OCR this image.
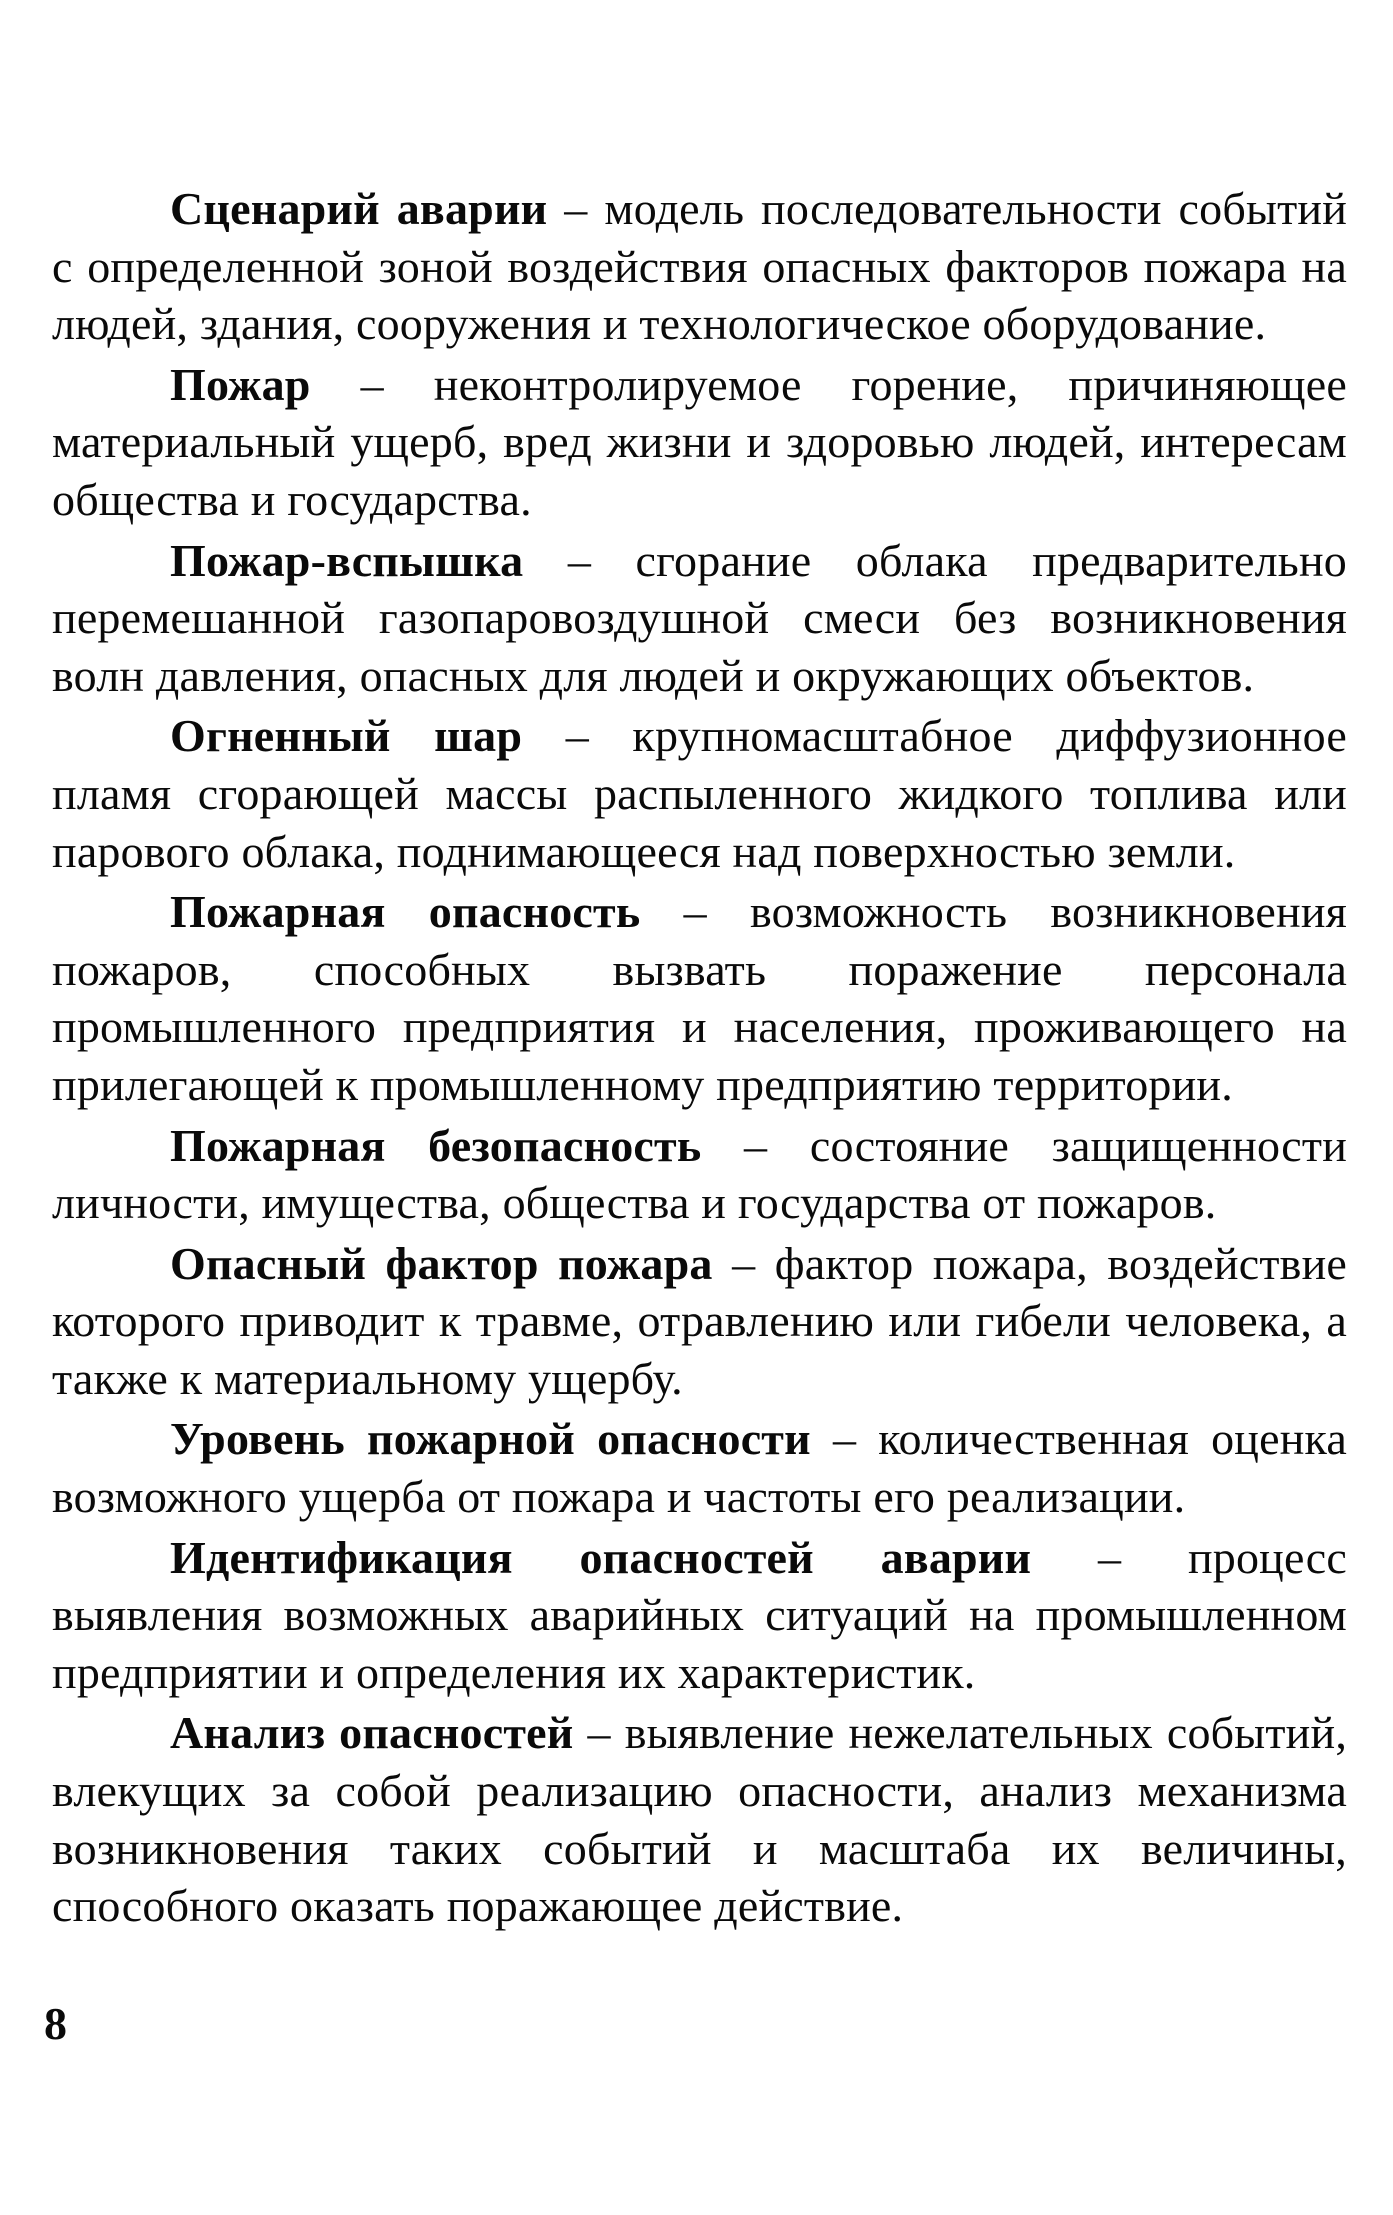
Сценарий аварии – модель последовательности событий с определенной зоной воздействия опасных факторов пожара на людей, здания, сооружения и технологическое оборудование.

Пожар – неконтролируемое горение, причиняющее материальный ущерб, вред жизни и здоровью людей, интересам общества и государства.

Пожар-вспышка – сгорание облака предварительно перемешанной газопаровоздушной смеси без возникновения волн давления, опасных для людей и окружающих объектов.

Огненный шар – крупномасштабное диффузионное пламя сгорающей массы распыленного жидкого топлива или парового облака, поднимающееся над поверхностью земли.

Пожарная опасность – возможность возникновения пожаров, способных вызвать поражение персонала промышленного предприятия и населения, проживающего на прилегающей к промышленному предприятию территории.

Пожарная безопасность – состояние защищенности личности, имущества, общества и государства от пожаров.

Опасный фактор пожара – фактор пожара, воздействие которого приводит к травме, отравлению или гибели человека, а также к материальному ущербу.

Уровень пожарной опасности – количественная оценка возможного ущерба от пожара и частоты его реализации.

Идентификация опасностей аварии – процесс выявления возможных аварийных ситуаций на промышленном предприятии и определения их характеристик.

Анализ опасностей – выявление нежелательных событий, влекущих за собой реализацию опасности, анализ механизма возникновения таких событий и масштаба их величины, способного оказать поражающее действие.

8
